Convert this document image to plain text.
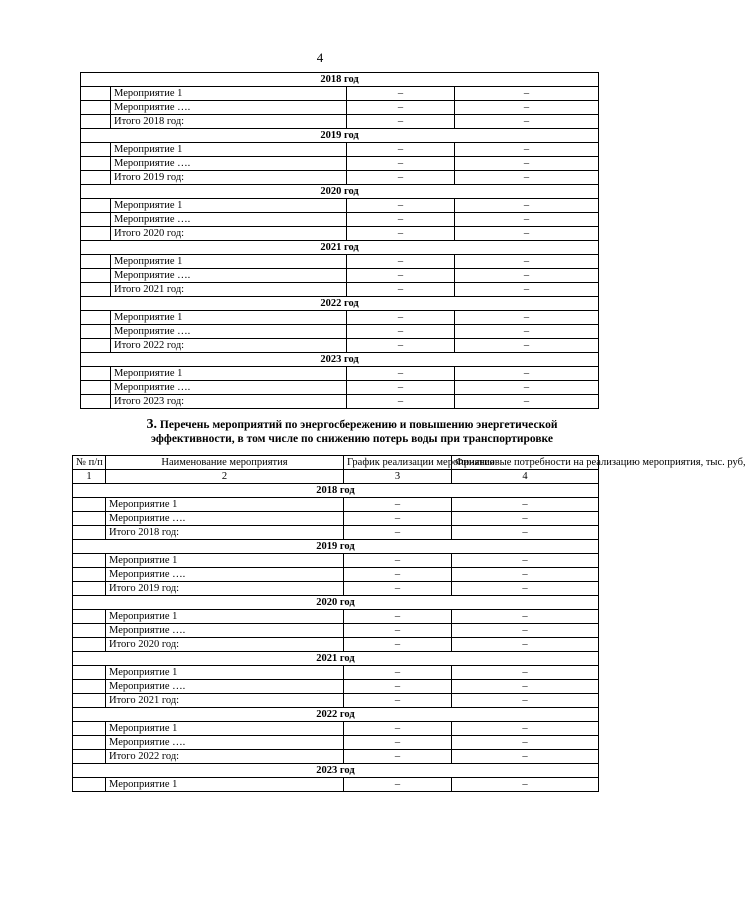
4
2018 год			
	Мероприятие 1	–	–
	Мероприятие ….	–	–
	Итого 2018 год:	–	–
2019 год			
	Мероприятие 1	–	–
	Мероприятие ….	–	–
	Итого 2019 год:	–	–
2020 год			
	Мероприятие 1	–	–
	Мероприятие ….	–	–
	Итого 2020 год:	–	–
2021 год			
	Мероприятие 1	–	–
	Мероприятие ….	–	–
	Итого 2021 год:	–	–
2022 год			
	Мероприятие 1	–	–
	Мероприятие ….	–	–
	Итого 2022 год:	–	–
2023 год			
	Мероприятие 1	–	–
	Мероприятие ….	–	–
	Итого 2023 год:	–	–
3. Перечень мероприятий по энергосбережению и повышению энергетической
эффективности, в том числе по снижению потерь воды при транспортировке
№ п/п	Наименование мероприятия	График реализации мероприятия	Финансовые потребности на реализацию мероприятия, тыс. руб,
1	2	3	4
2018 год			
	Мероприятие 1	–	–
	Мероприятие ….	–	–
	Итого 2018 год:	–	–
2019 год			
	Мероприятие 1	–	–
	Мероприятие ….	–	–
	Итого 2019 год:	–	–
2020 год			
	Мероприятие 1	–	–
	Мероприятие ….	–	–
	Итого 2020 год:	–	–
2021 год			
	Мероприятие 1	–	–
	Мероприятие ….	–	–
	Итого 2021 год:	–	–
2022 год			
	Мероприятие 1	–	–
	Мероприятие ….	–	–
	Итого 2022 год:	–	–
2023 год			
	Мероприятие 1	–	–
